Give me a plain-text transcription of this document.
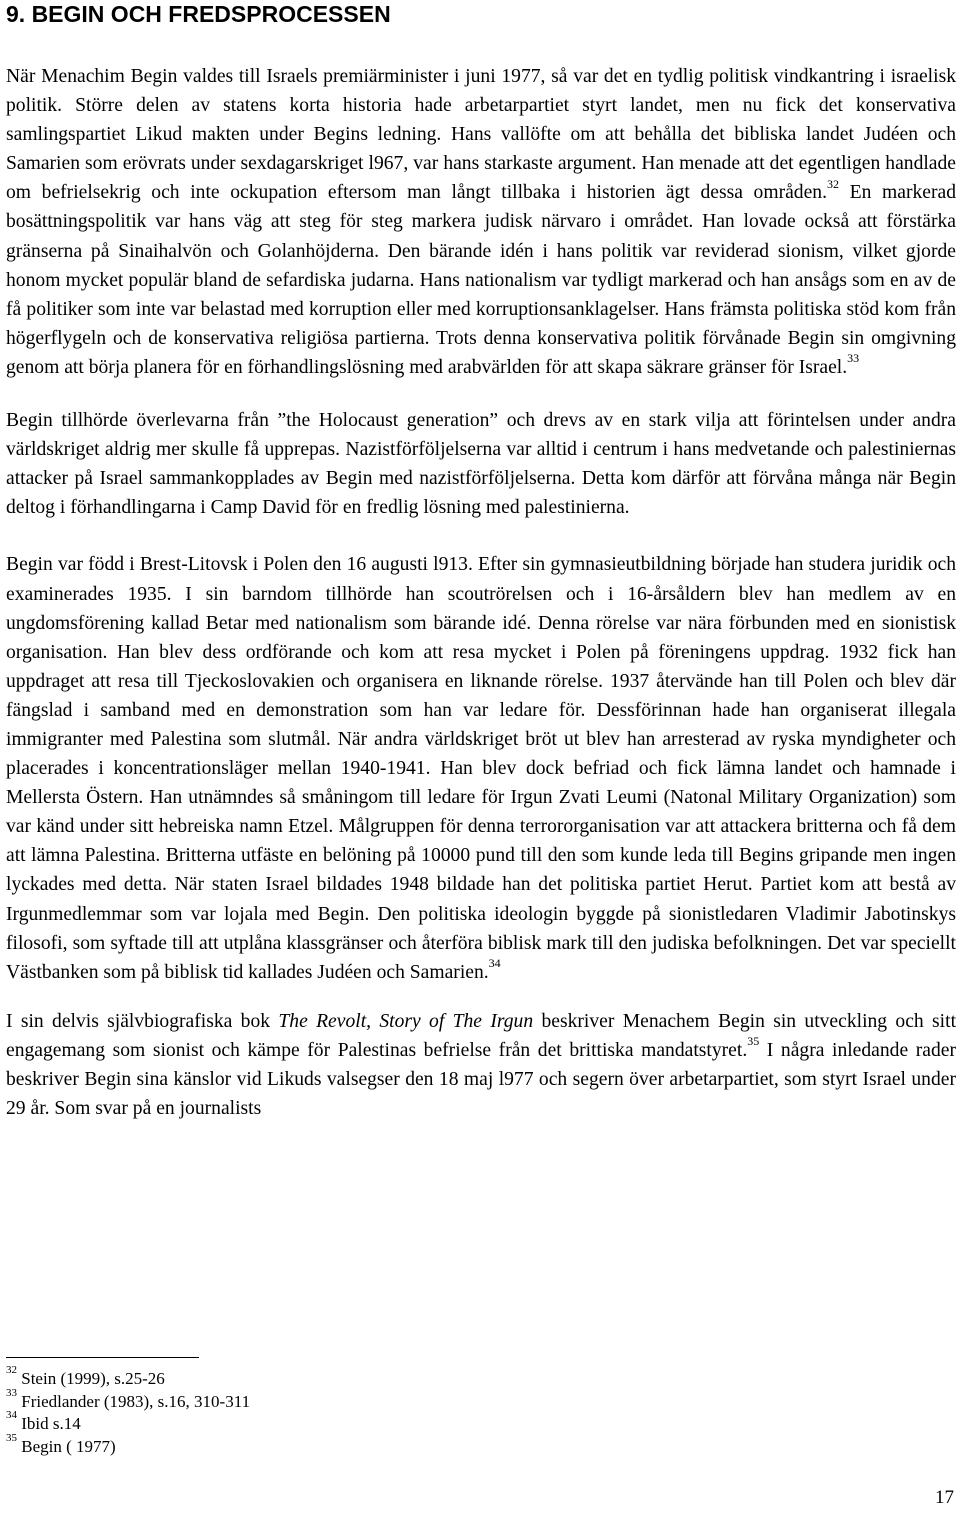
9. BEGIN OCH FREDSPROCESSEN

När Menachim Begin valdes till Israels premiärminister i juni 1977, så var det en tydlig politisk vindkantring i israelisk politik. Större delen av statens korta historia hade arbetarpartiet styrt landet, men nu fick det konservativa samlingspartiet Likud makten under Begins ledning. Hans vallöfte om att behålla det bibliska landet Judéen och Samarien som erövrats under sexdagarskriget l967, var hans starkaste argument. Han menade att det egentligen handlade om befrielsekrig och inte ockupation eftersom man långt tillbaka i historien ägt dessa områden.$^{32}$ En markerad bosättningspolitik var hans väg att steg för steg markera judisk närvaro i området. Han lovade också att förstärka gränserna på Sinaihalvön och Golanhöjderna. Den bärande idén i hans politik var reviderad sionism, vilket gjorde honom mycket populär bland de sefardiska judarna. Hans nationalism var tydligt markerad och han ansågs som en av de få politiker som inte var belastad med korruption eller med korruptionsanklagelser. Hans främsta politiska stöd kom från högerflygeln och de konservativa religiösa partierna. Trots denna konservativa politik förvånade Begin sin omgivning genom att börja planera för en förhandlingslösning med arabvärlden för att skapa säkrare gränser för Israel.$^{33}$

Begin tillhörde överlevarna från ”the Holocaust generation” och drevs av en stark vilja att förintelsen under andra världskriget aldrig mer skulle få upprepas. Nazistförföljelserna var alltid i centrum i hans medvetande och palestiniernas attacker på Israel sammankopplades av Begin med nazistförföljelserna. Detta kom därför att förvåna många när Begin deltog i förhandlingarna i Camp David för en fredlig lösning med palestinierna.

Begin var född i Brest-Litovsk i Polen den 16 augusti l913. Efter sin gymnasieutbildning började han studera juridik och examinerades 1935. I sin barndom tillhörde han scoutrörelsen och i 16-årsåldern blev han medlem av en ungdomsförening kallad Betar med nationalism som bärande idé. Denna rörelse var nära förbunden med en sionistisk organisation. Han blev dess ordförande och kom att resa mycket i Polen på föreningens uppdrag. 1932 fick han uppdraget att resa till Tjeckoslovakien och organisera en liknande rörelse. 1937 återvände han till Polen och blev där fängslad i samband med en demonstration som han var ledare för. Dessförinnan hade han organiserat illegala immigranter med Palestina som slutmål. När andra världskriget bröt ut blev han arresterad av ryska myndigheter och placerades i koncentrationsläger mellan 1940-1941. Han blev dock befriad och fick lämna landet och hamnade i Mellersta Östern. Han utnämndes så småningom till ledare för Irgun Zvati Leumi (Natonal Military Organization) som var känd under sitt hebreiska namn Etzel. Målgruppen för denna terrororganisation var att attackera britterna och få dem att lämna Palestina. Britterna utfäste en belöning på 10000 pund till den som kunde leda till Begins gripande men ingen lyckades med detta. När staten Israel bildades 1948 bildade han det politiska partiet Herut. Partiet kom att bestå av Irgunmedlemmar som var lojala med Begin. Den politiska ideologin byggde på sionistledaren Vladimir Jabotinskys filosofi, som syftade till att utplåna klassgränser och återföra biblisk mark till den judiska befolkningen. Det var speciellt Västbanken som på biblisk tid kallades Judéen och Samarien.$^{34}$

I sin delvis självbiografiska bok The Revolt, Story of The Irgun beskriver Menachem Begin sin utveckling och sitt engagemang som sionist och kämpe för Palestinas befrielse från det brittiska mandatstyret.$^{35}$ I några inledande rader beskriver Begin sina känslor vid Likuds valsegser den 18 maj l977 och segern över arbetarpartiet, som styrt Israel under 29 år. Som svar på en journalists

$^{32}$ Stein (1999), s.25-26
$^{33}$ Friedlander (1983), s.16, 310-311
$^{34}$ Ibid s.14
$^{35}$ Begin ( 1977)
17
